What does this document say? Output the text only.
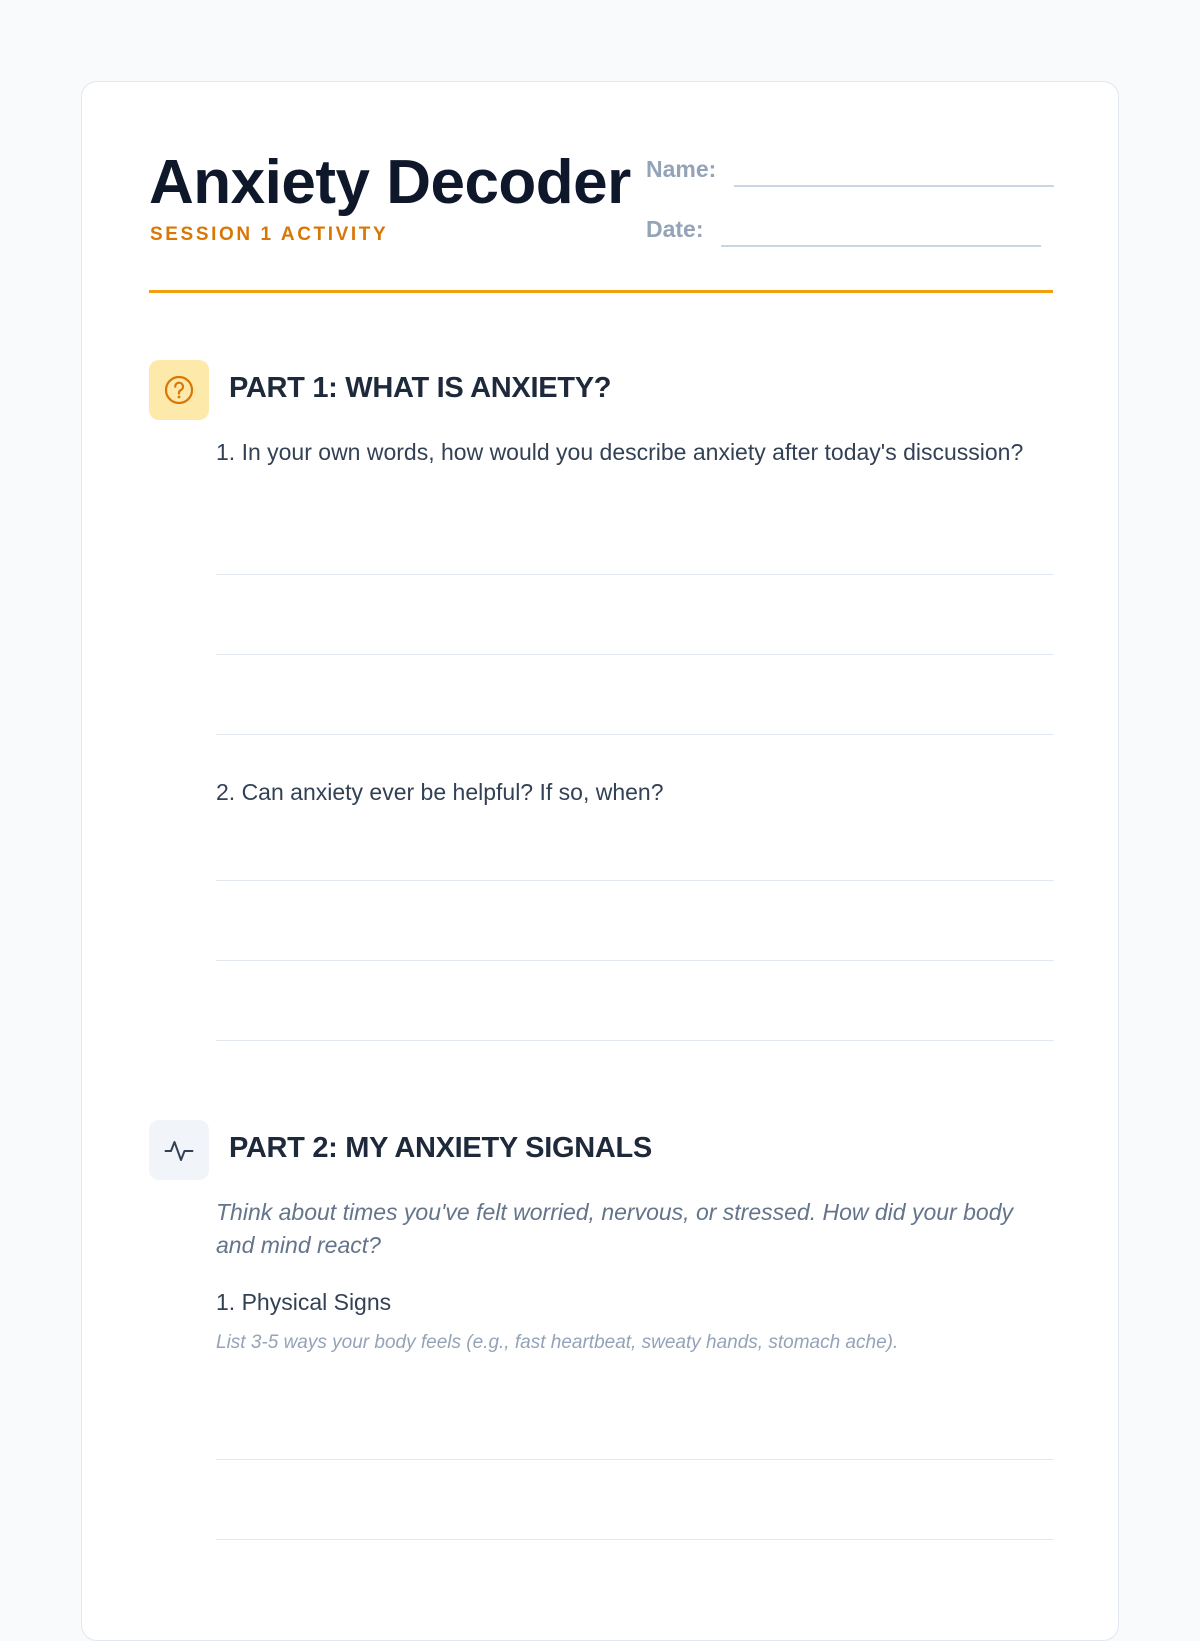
Anxiety Decoder
SESSION 1 ACTIVITY
Name:
Date:
PART 1: WHAT IS ANXIETY?

1. In your own words, how would you describe anxiety after today's discussion?

2. Can anxiety ever be helpful? If so, when?

PART 2: MY ANXIETY SIGNALS

Think about times you've felt worried, nervous, or stressed. How did your body and mind react?

1. Physical Signs

List 3-5 ways your body feels (e.g., fast heartbeat, sweaty hands, stomach ache).
